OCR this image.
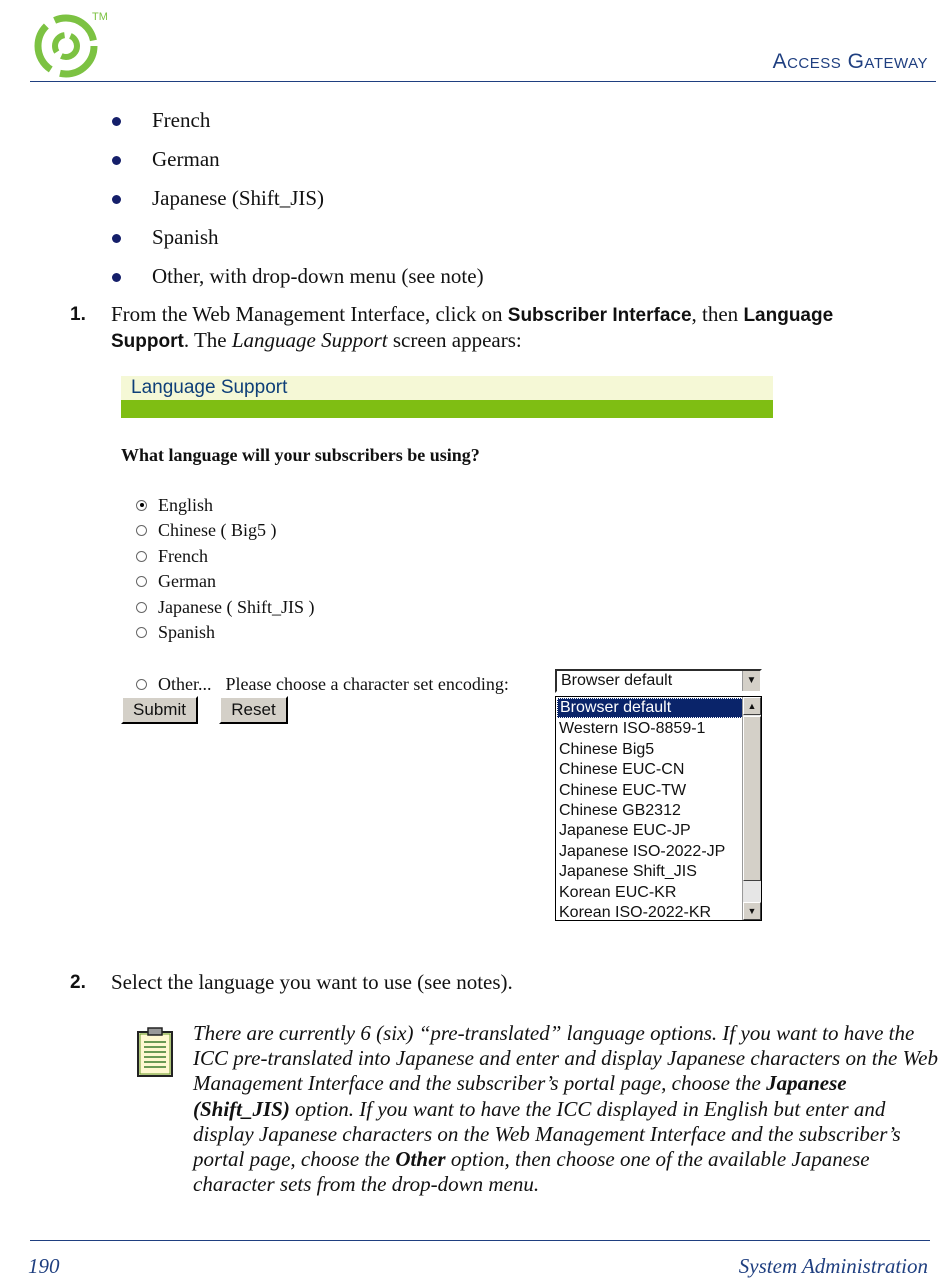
TM
Access Gateway
French
German
Japanese (Shift_JIS)
Spanish
Other, with drop-down menu (see note)
1. From the Web Management Interface, click on Subscriber Interface, then Language Support. The Language Support screen appears:
Language Support
What language will your subscribers be using?
English
Chinese ( Big5 )
French
German
Japanese ( Shift_JIS )
Spanish
Other... Please choose a character set encoding:	Browser default	▼
Submit	Reset	Browser default
Western ISO-8859-1
Chinese Big5
Chinese EUC-CN
Chinese EUC-TW
Chinese GB2312
Japanese EUC-JP
Japanese ISO-2022-JP
Japanese Shift_JIS
Korean EUC-KR
Korean ISO-2022-KR
▲
▼
2. Select the language you want to use (see notes).
There are currently 6 (six) “pre-translated” language options. If you want to have the ICC pre-translated into Japanese and enter and display Japanese characters on the Web Management Interface and the subscriber’s portal page, choose the Japanese (Shift_JIS) option. If you want to have the ICC displayed in English but enter and display Japanese characters on the Web Management Interface and the subscriber’s portal page, choose the Other option, then choose one of the available Japanese character sets from the drop-down menu.
190	System Administration
